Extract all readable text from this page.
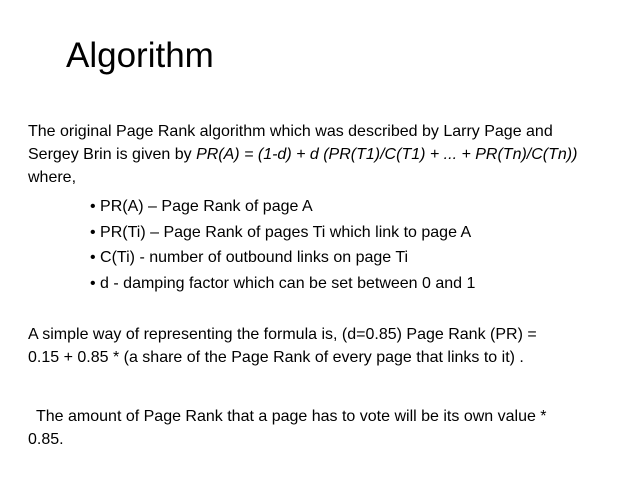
Algorithm
The original Page Rank algorithm which was described by Larry Page and
Sergey Brin is given by PR(A) = (1-d) + d (PR(T1)/C(T1) + ... + PR(Tn)/C(Tn))
where,
• PR(A) – Page Rank of page A
• PR(Ti) – Page Rank of pages Ti which link to page A
• C(Ti) - number of outbound links on page Ti
• d - damping factor which can be set between 0 and 1
A simple way of representing the formula is, (d=0.85) Page Rank (PR) =
0.15 + 0.85 * (a share of the Page Rank of every page that links to it) .
The amount of Page Rank that a page has to vote will be its own value *
0.85.
